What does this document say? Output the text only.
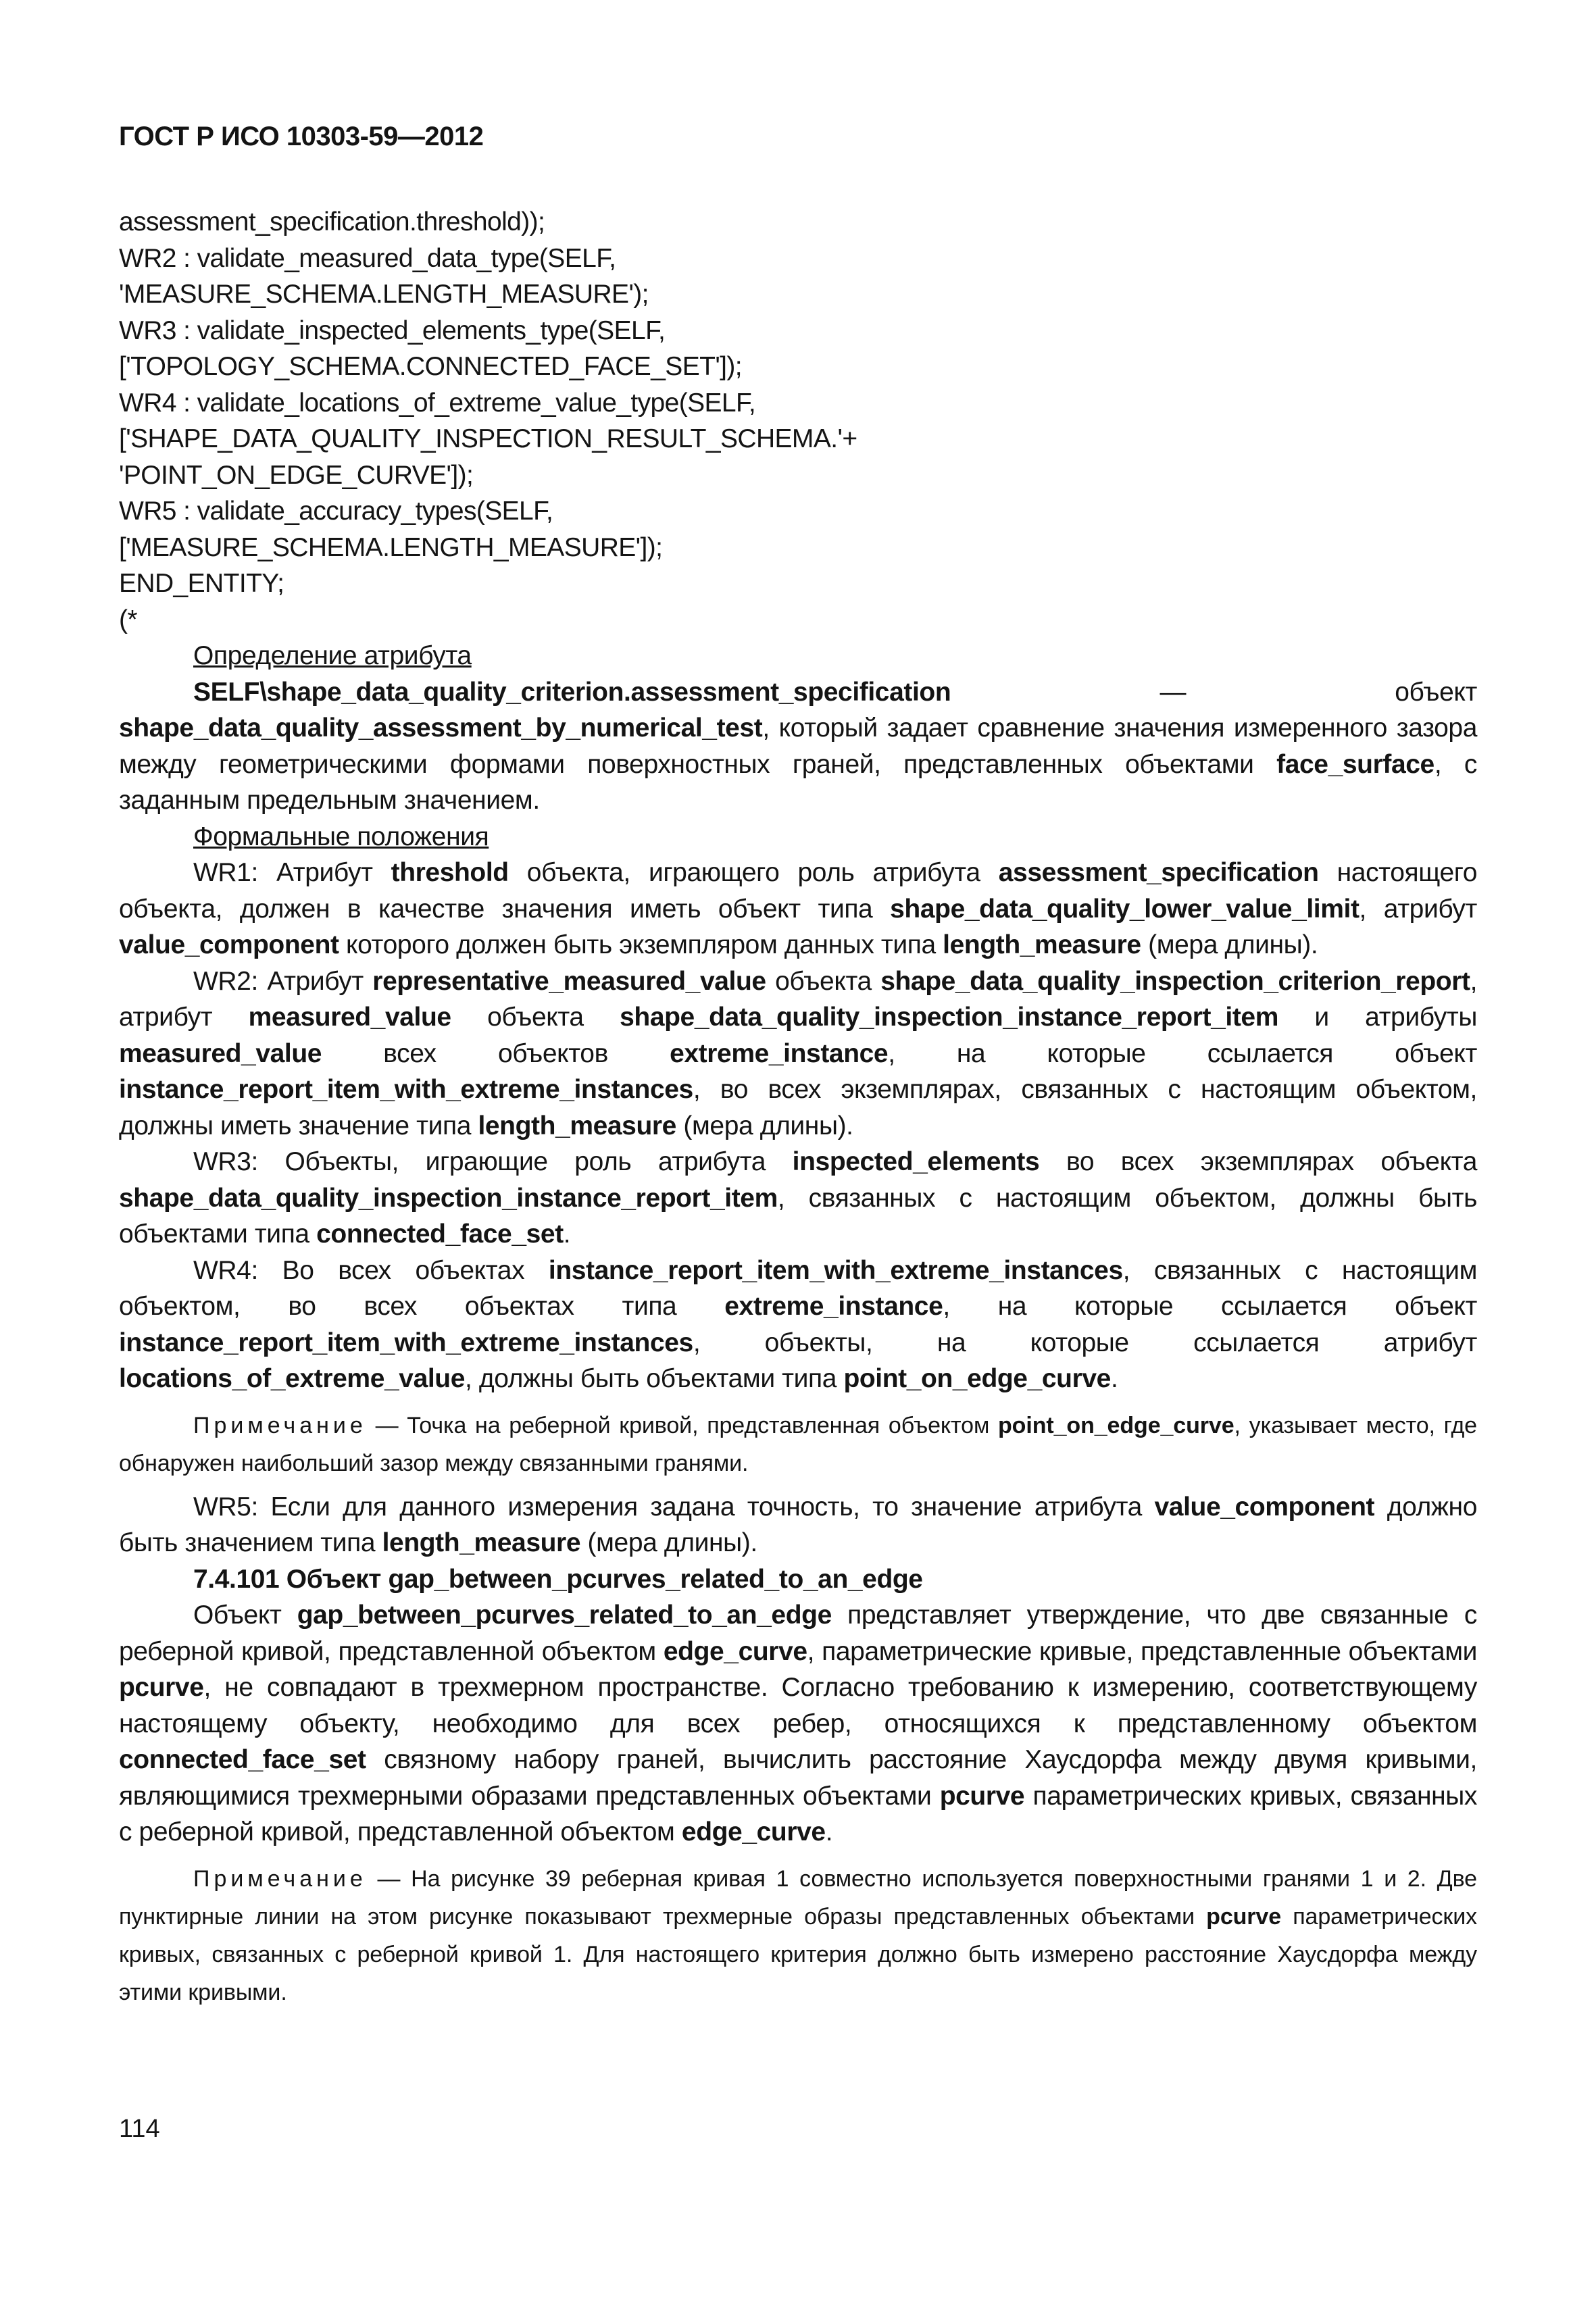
ГОСТ Р ИСО 10303-59—2012
assessment_specification.threshold));
WR2 : validate_measured_data_type(SELF,
'MEASURE_SCHEMA.LENGTH_MEASURE');
WR3 : validate_inspected_elements_type(SELF,
['TOPOLOGY_SCHEMA.CONNECTED_FACE_SET']);
WR4 : validate_locations_of_extreme_value_type(SELF,
['SHAPE_DATA_QUALITY_INSPECTION_RESULT_SCHEMA.'+
'POINT_ON_EDGE_CURVE']);
WR5 : validate_accuracy_types(SELF,
['MEASURE_SCHEMA.LENGTH_MEASURE']);
END_ENTITY;
(*
Определение атрибута

SELF\shape_data_quality_criterion.assessment_specification — объект shape_data_quality_assessment_by_numerical_test, который задает сравнение значения измеренного зазора между геометрическими формами поверхностных граней, представленных объектами face_surface, с заданным предельным значением.

Формальные положения

WR1: Атрибут threshold объекта, играющего роль атрибута assessment_specification настоящего объекта, должен в качестве значения иметь объект типа shape_data_quality_lower_value_limit, атрибут value_component которого должен быть экземпляром данных типа length_measure (мера длины).

WR2: Атрибут representative_measured_value объекта shape_data_quality_inspection_criterion_report, атрибут measured_value объекта shape_data_quality_inspection_instance_report_item и атрибуты measured_value всех объектов extreme_instance, на которые ссылается объект instance_report_item_with_extreme_instances, во всех экземплярах, связанных с настоящим объектом, должны иметь значение типа length_measure (мера длины).

WR3: Объекты, играющие роль атрибута inspected_elements во всех экземплярах объекта shape_data_quality_inspection_instance_report_item, связанных с настоящим объектом, должны быть объектами типа connected_face_set.

WR4: Во всех объектах instance_report_item_with_extreme_instances, связанных с настоящим объектом, во всех объектах типа extreme_instance, на которые ссылается объект instance_report_item_with_extreme_instances, объекты, на которые ссылается атрибут locations_of_extreme_value, должны быть объектами типа point_on_edge_curve.

Примечание — Точка на реберной кривой, представленная объектом point_on_edge_curve, указывает место, где обнаружен наибольший зазор между связанными гранями.

WR5: Если для данного измерения задана точность, то значение атрибута value_component должно быть значением типа length_measure (мера длины).

7.4.101 Объект gap_between_pcurves_related_to_an_edge

Объект gap_between_pcurves_related_to_an_edge представляет утверждение, что две связанные с реберной кривой, представленной объектом edge_curve, параметрические кривые, представленные объектами pcurve, не совпадают в трехмерном пространстве. Согласно требованию к измерению, соответствующему настоящему объекту, необходимо для всех ребер, относящихся к представленному объектом connected_face_set связному набору граней, вычислить расстояние Хаусдорфа между двумя кривыми, являющимися трехмерными образами представленных объектами pcurve параметрических кривых, связанных с реберной кривой, представленной объектом edge_curve.

Примечание — На рисунке 39 реберная кривая 1 совместно используется поверхностными гранями 1 и 2. Две пунктирные линии на этом рисунке показывают трехмерные образы представленных объектами pcurve параметрических кривых, связанных с реберной кривой 1. Для настоящего критерия должно быть измерено расстояние Хаусдорфа между этими кривыми.
114
